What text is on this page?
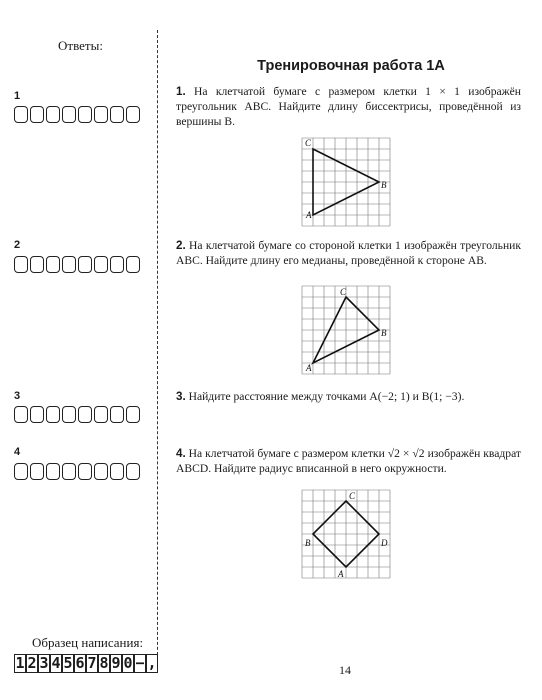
Ответы:
1
2
3
4
Образец написания:
1 2 3 4 5 6 7 8 9 0 − ,
Тренировочная работа 1А
1. На клетчатой бумаге с размером клетки 1 × 1 изображён треугольник ABC. Найдите длину биссектрисы, проведённой из вершины B.
C
B
A
2. На клетчатой бумаге со стороной клетки 1 изображён треугольник ABC. Найдите длину его медианы, проведённой к стороне AB.
C
B
A
3. Найдите расстояние между точками A(−2; 1) и B(1; −3).
4. На клетчатой бумаге с размером клетки √2 × √2 изображён квадрат ABCD. Найдите радиус вписанной в него окружности.
C
D
A
B
14
